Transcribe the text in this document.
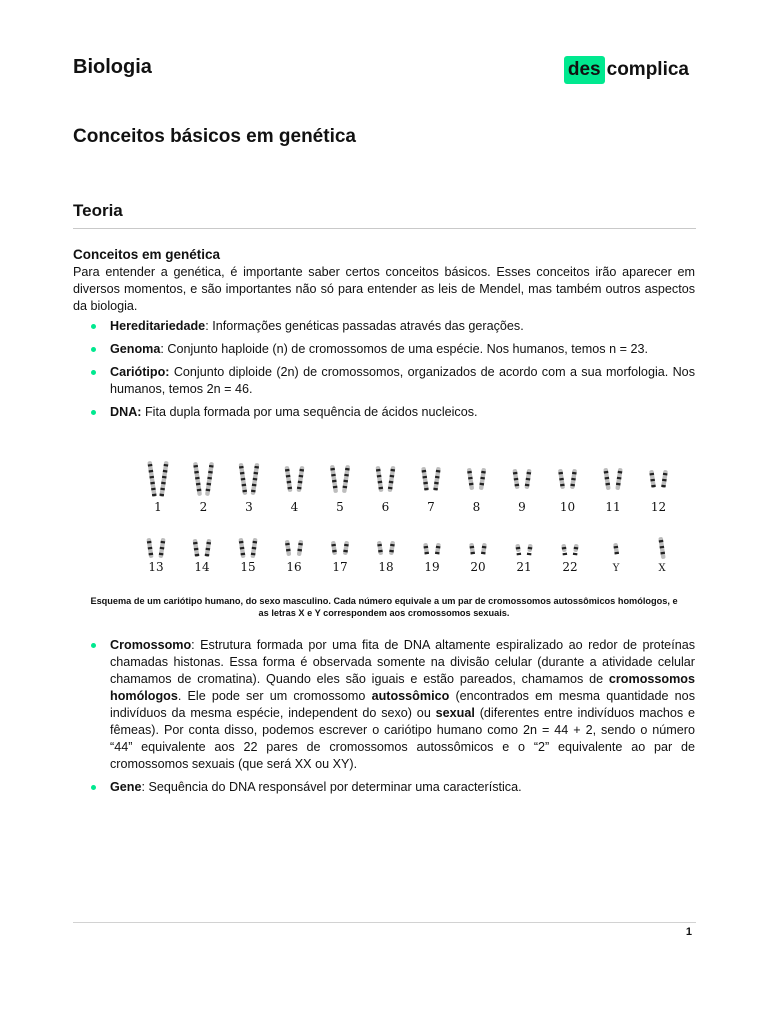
Biologia	des complica
Conceitos básicos em genética
Teoria
Conceitos em genética

Para entender a genética, é importante saber certos conceitos básicos. Esses conceitos irão aparecer em diversos momentos, e são importantes não só para entender as leis de Mendel, mas também outros aspectos da biologia.

Hereditariedade: Informações genéticas passadas através das gerações.
Genoma: Conjunto haploide (n) de cromossomos de uma espécie. Nos humanos, temos n = 23.
Cariótipo: Conjunto diploide (2n) de cromossomos, organizados de acordo com a sua morfologia. Nos humanos, temos 2n = 46.
DNA: Fita dupla formada por uma sequência de ácidos nucleicos.
1	2	3	4	5	6	7	8	9	10	11	12
13	14	15	16	17	18	19	20	21	22	Y	X

Esquema de um cariótipo humano, do sexo masculino. Cada número equivale a um par de cromossomos autossômicos homólogos, e
as letras X e Y correspondem aos cromossomos sexuais.

Cromossomo: Estrutura formada por uma fita de DNA altamente espiralizado ao redor de proteínas chamadas histonas. Essa forma é observada somente na divisão celular (durante a atividade celular chamamos de cromatina). Quando eles são iguais e estão pareados, chamamos de cromossomos homólogos. Ele pode ser um cromossomo autossômico (encontrados em mesma quantidade nos indivíduos da mesma espécie, independent do sexo) ou sexual (diferentes entre indivíduos machos e fêmeas). Por conta disso, podemos escrever o cariótipo humano como 2n = 44 + 2, sendo o número “44” equivalente aos 22 pares de cromossomos autossômicos e o “2” equivalente ao par de cromossomos sexuais (que será XX ou XY).
Gene: Sequência do DNA responsável por determinar uma característica.
1
